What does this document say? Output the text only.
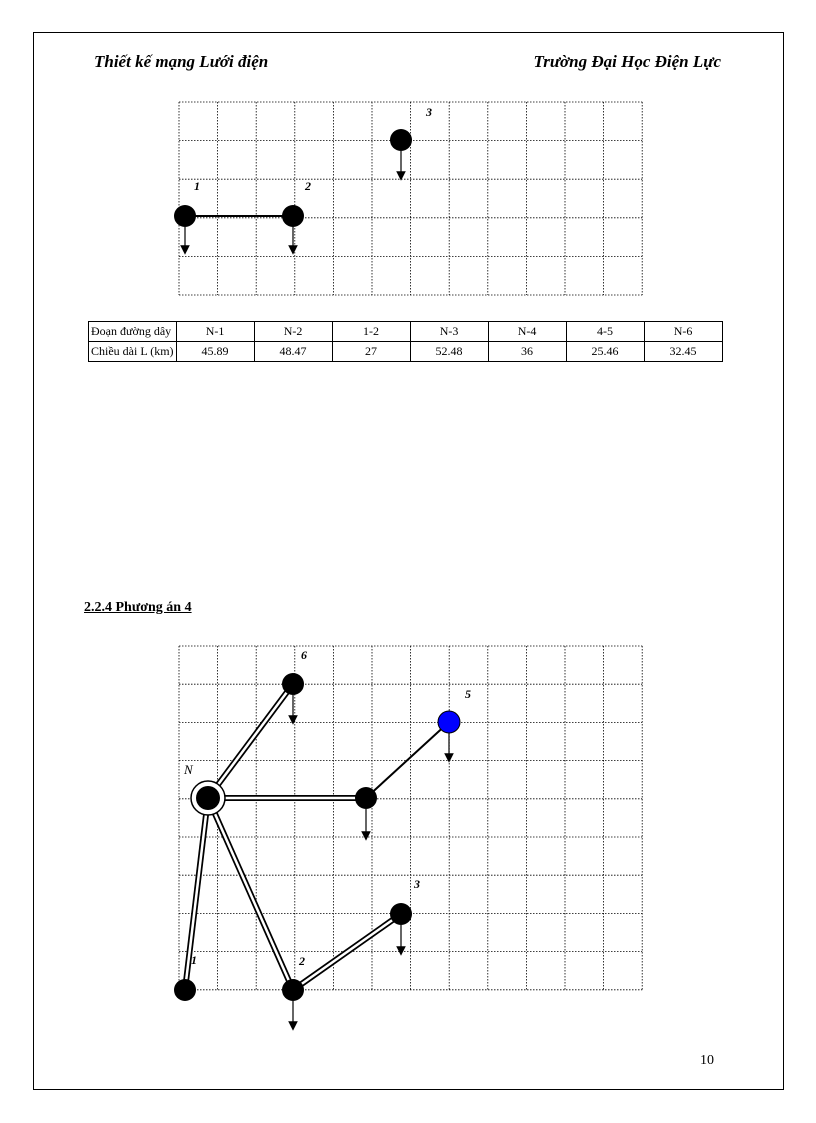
Thiết kế mạng Lưới điện	Trường Đại Học Điện Lực
1	2
3
Đoạn đường dây	N-1	N-2	1-2	N-3	N-4	4-5	N-6
Chiều dài L (km)	45.89	48.47	27	52.48	36	25.46	32.45
2.2.4 Phương án 4
6
5
N
3
2
1
10
